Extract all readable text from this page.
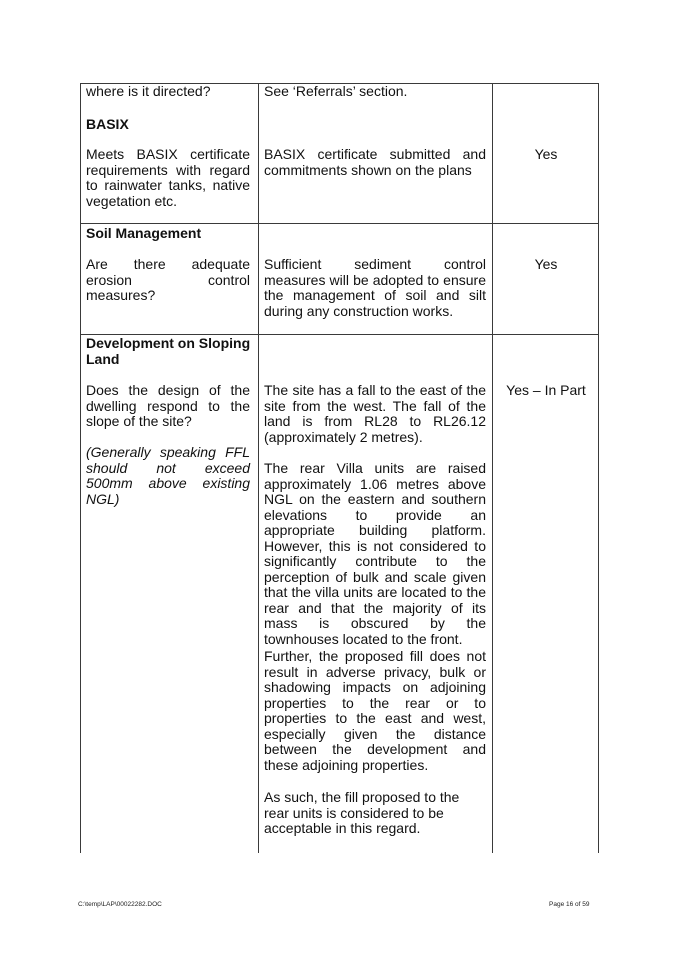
where is it directed?	See ‘Referrals’ section.

BASIX

Meets BASIX certificate requirements with regard to rainwater tanks, native vegetation etc.

BASIX certificate submitted and commitments shown on the plans

Yes

Soil Management

Are there adequate erosion control measures?

Sufficient sediment control measures will be adopted to ensure the management of soil and silt during any construction works.

Yes

Development on Sloping Land

Does the design of the dwelling respond to the slope of the site?

(Generally speaking FFL should not exceed 500mm above existing NGL)

The site has a fall to the east of the site from the west. The fall of the land is from RL28 to RL26.12 (approximately 2 metres).

The rear Villa units are raised approximately 1.06 metres above NGL on the eastern and southern elevations to provide an appropriate building platform. However, this is not considered to significantly contribute to the perception of bulk and scale given that the villa units are located to the rear and that the majority of its mass is obscured by the townhouses located to the front.

Further, the proposed fill does not result in adverse privacy, bulk or shadowing impacts on adjoining properties to the rear or to properties to the east and west, especially given the distance between the development and these adjoining properties.

As such, the fill proposed to the rear units is considered to be acceptable in this regard.

Yes – In Part

C:\temp\LAP\00022282.DOC	Page 16 of 59
